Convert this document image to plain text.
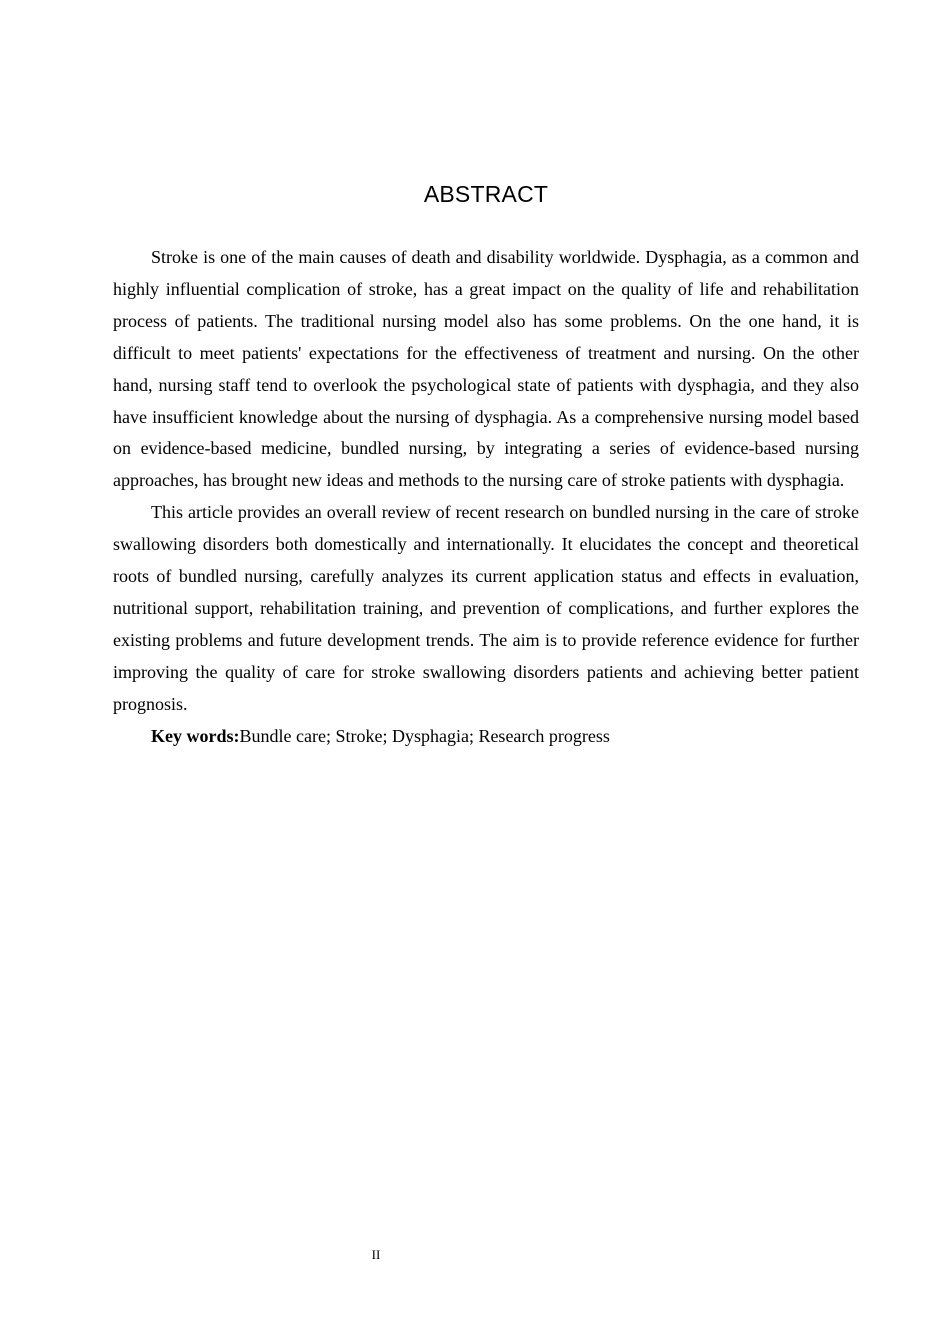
ABSTRACT

Stroke is one of the main causes of death and disability worldwide. Dysphagia, as a common and highly influential complication of stroke, has a great impact on the quality of life and rehabilitation process of patients. The traditional nursing model also has some problems. On the one hand, it is difficult to meet patients' expectations for the effectiveness of treatment and nursing. On the other hand, nursing staff tend to overlook the psychological state of patients with dysphagia, and they also have insufficient knowledge about the nursing of dysphagia. As a comprehensive nursing model based on evidence-based medicine, bundled nursing, by integrating a series of evidence-based nursing approaches, has brought new ideas and methods to the nursing care of stroke patients with dysphagia.

This article provides an overall review of recent research on bundled nursing in the care of stroke swallowing disorders both domestically and internationally. It elucidates the concept and theoretical roots of bundled nursing, carefully analyzes its current application status and effects in evaluation, nutritional support, rehabilitation training, and prevention of complications, and further explores the existing problems and future development trends. The aim is to provide reference evidence for further improving the quality of care for stroke swallowing disorders patients and achieving better patient prognosis.

Key words:Bundle care; Stroke; Dysphagia; Research progress

II
